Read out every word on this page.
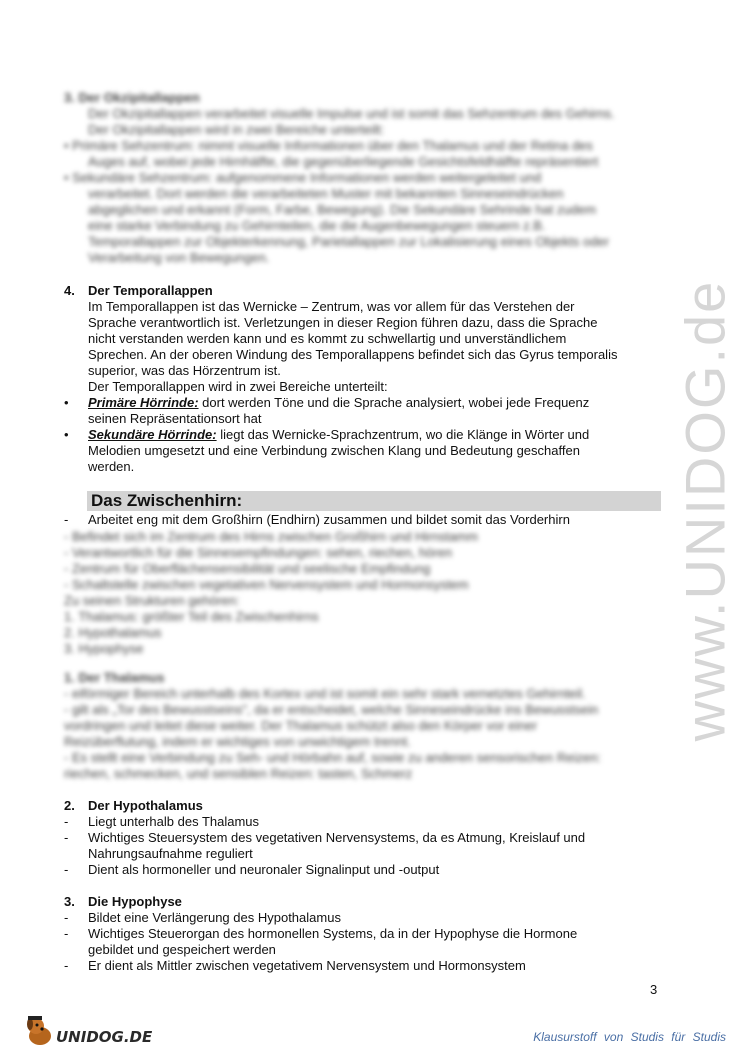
www.UNIDOG.de
3. Der Okzipitallappen
Der Okzipitallappen verarbeitet visuelle Impulse und ist somit das Sehzentrum des Gehirns.
Der Okzipitallappen wird in zwei Bereiche unterteilt:
• Primäre Sehzentrum: nimmt visuelle Informationen über den Thalamus und der Retina des
Auges auf, wobei jede Hirnhälfte, die gegenüberliegende Gesichtsfeldhälfte repräsentiert
• Sekundäre Sehzentrum: aufgenommene Informationen werden weitergeleitet und
verarbeitet. Dort werden die verarbeiteten Muster mit bekannten Sinneseindrücken
abgeglichen und erkannt (Form, Farbe, Bewegung). Die Sekundäre Sehrinde hat zudem
eine starke Verbindung zu Gehirnteilen, die die Augenbewegungen steuern z.B.
Temporallappen zur Objekterkennung, Parietallappen zur Lokalisierung eines Objekts oder
Verarbeitung von Bewegungen.
4.	Der Temporallappen
Im Temporallappen ist das Wernicke – Zentrum, was vor allem für das Verstehen der
Sprache verantwortlich ist. Verletzungen in dieser Region führen dazu, dass die Sprache
nicht verstanden werden kann und es kommt zu schwellartig und unverständlichem
Sprechen. An der oberen Windung des Temporallappens befindet sich das Gyrus temporalis
superior, was das Hörzentrum ist.
Der Temporallappen wird in zwei Bereiche unterteilt:
•	Primäre Hörrinde: dort werden Töne und die Sprache analysiert, wobei jede Frequenz
seinen Repräsentationsort hat
•	Sekundäre Hörrinde: liegt das Wernicke-Sprachzentrum, wo die Klänge in Wörter und
Melodien umgesetzt und eine Verbindung zwischen Klang und Bedeutung geschaffen
werden.
Das Zwischenhirn:
-	Arbeitet eng mit dem Großhirn (Endhirn) zusammen und bildet somit das Vorderhirn
- Befindet sich im Zentrum des Hirns zwischen Großhirn und Hirnstamm
- Verantwortlich für die Sinnesempfindungen: sehen, riechen, hören
- Zentrum für Oberflächensensibilität und seelische Empfindung
- Schaltstelle zwischen vegetativen Nervensystem und Hormonsystem
Zu seinen Strukturen gehören:
1. Thalamus: größter Teil des Zwischenhirns
2. Hypothalamus
3. Hypophyse
1. Der Thalamus
- eiförmiger Bereich unterhalb des Kortex und ist somit ein sehr stark vernetztes Gehirnteil.
- gilt als „Tor des Bewusstseins", da er entscheidet, welche Sinneseindrücke ins Bewusstsein
vordringen und leitet diese weiter. Der Thalamus schützt also den Körper vor einer
Reizüberflutung, indem er wichtiges von unwichtigem trennt.
- Es stellt eine Verbindung zu Seh- und Hörbahn auf, sowie zu anderen sensorischen Reizen:
riechen, schmecken, und sensiblen Reizen: tasten, Schmerz
2.	Der Hypothalamus
-	Liegt unterhalb des Thalamus
-	Wichtiges Steuersystem des vegetativen Nervensystems, da es Atmung, Kreislauf und
Nahrungsaufnahme reguliert
-	Dient als hormoneller und neuronaler Signalinput und -output
3.	Die Hypophyse
-	Bildet eine Verlängerung des Hypothalamus
-	Wichtiges Steuerorgan des hormonellen Systems, da in der Hypophyse die Hormone
gebildet und gespeichert werden
-	Er dient als Mittler zwischen vegetativem Nervensystem und Hormonsystem
3
UNIDOG.DE	Klausurstoff von Studis für Studis
